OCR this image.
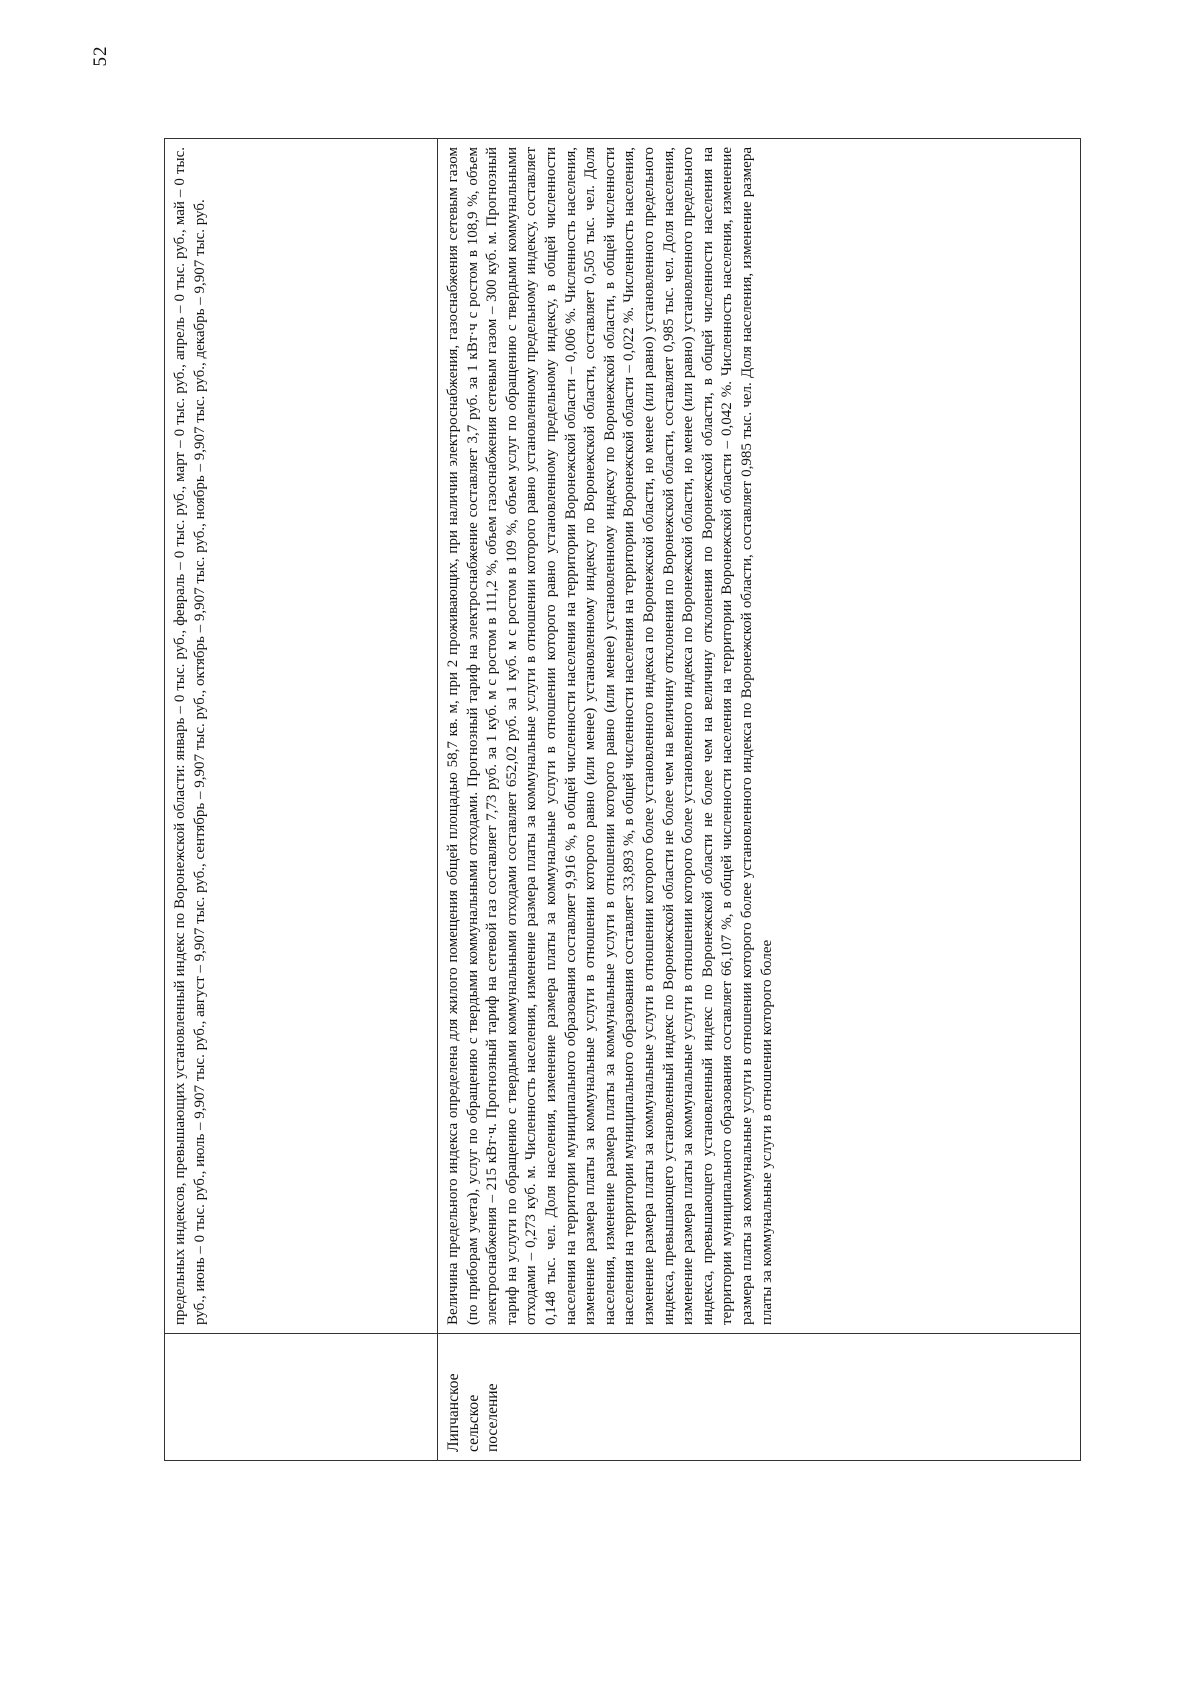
52

	предельных индексов, превышающих установленный индекс по Воронежской области: январь – 0 тыс. руб., февраль – 0 тыс. руб., март – 0 тыс. руб., апрель – 0 тыс. руб., май – 0 тыс. руб., июнь – 0 тыс. руб., июль – 9,907 тыс. руб., август – 9,907 тыс. руб., сентябрь – 9,907 тыс. руб., октябрь – 9,907 тыс. руб., ноябрь – 9,907 тыс. руб., декабрь – 9,907 тыс. руб.

Липчанское сельское поселение	Величина предельного индекса определена для жилого помещения общей площадью 58,7 кв. м, при 2 проживающих, при наличии электроснабжения, газоснабжения сетевым газом (по приборам учета), услуг по обращению с твердыми коммунальными отходами. Прогнозный тариф на электроснабжение составляет 3,7 руб. за 1 кВт·ч с ростом в 108,9 %, объем электроснабжения – 215 кВт·ч. Прогнозный тариф на сетевой газ составляет 7,73 руб. за 1 куб. м с ростом в 111,2 %, объем газоснабжения сетевым газом – 300 куб. м. Прогнозный тариф на услуги по обращению с твердыми коммунальными отходами составляет 652,02 руб. за 1 куб. м с ростом в 109 %, объем услуг по обращению с твердыми коммунальными отходами – 0,273 куб. м. Численность населения, изменение размера платы за коммунальные услуги в отношении которого равно установленному предельному индексу, составляет 0,148 тыс. чел. Доля населения, изменение размера платы за коммунальные услуги в отношении которого равно установленному предельному индексу, в общей численности населения на территории муниципального образования составляет 9,916 %, в общей численности населения на территории Воронежской области – 0,006 %. Численность населения, изменение размера платы за коммунальные услуги в отношении которого равно (или менее) установленному индексу по Воронежской области, составляет 0,505 тыс. чел. Доля населения, изменение размера платы за коммунальные услуги в отношении которого равно (или менее) установленному индексу по Воронежской области, в общей численности населения на территории муниципального образования составляет 33,893 %, в общей численности населения на территории Воронежской области – 0,022 %. Численность населения, изменение размера платы за коммунальные услуги в отношении которого более установленного индекса по Воронежской области, но менее (или равно) установленного предельного индекса, превышающего установленный индекс по Воронежской области не более чем на величину отклонения по Воронежской области, составляет 0,985 тыс. чел. Доля населения, изменение размера платы за коммунальные услуги в отношении которого более установленного индекса по Воронежской области, но менее (или равно) установленного предельного индекса, превышающего установленный индекс по Воронежской области не более чем на величину отклонения по Воронежской области, в общей численности населения на территории муниципального образования составляет 66,107 %, в общей численности населения на территории Воронежской области – 0,042 %. Численность населения, изменение размера платы за коммунальные услуги в отношении которого более установленного индекса по Воронежской области, составляет 0,985 тыс. чел. Доля населения, изменение размера платы за коммунальные услуги в отношении которого более
